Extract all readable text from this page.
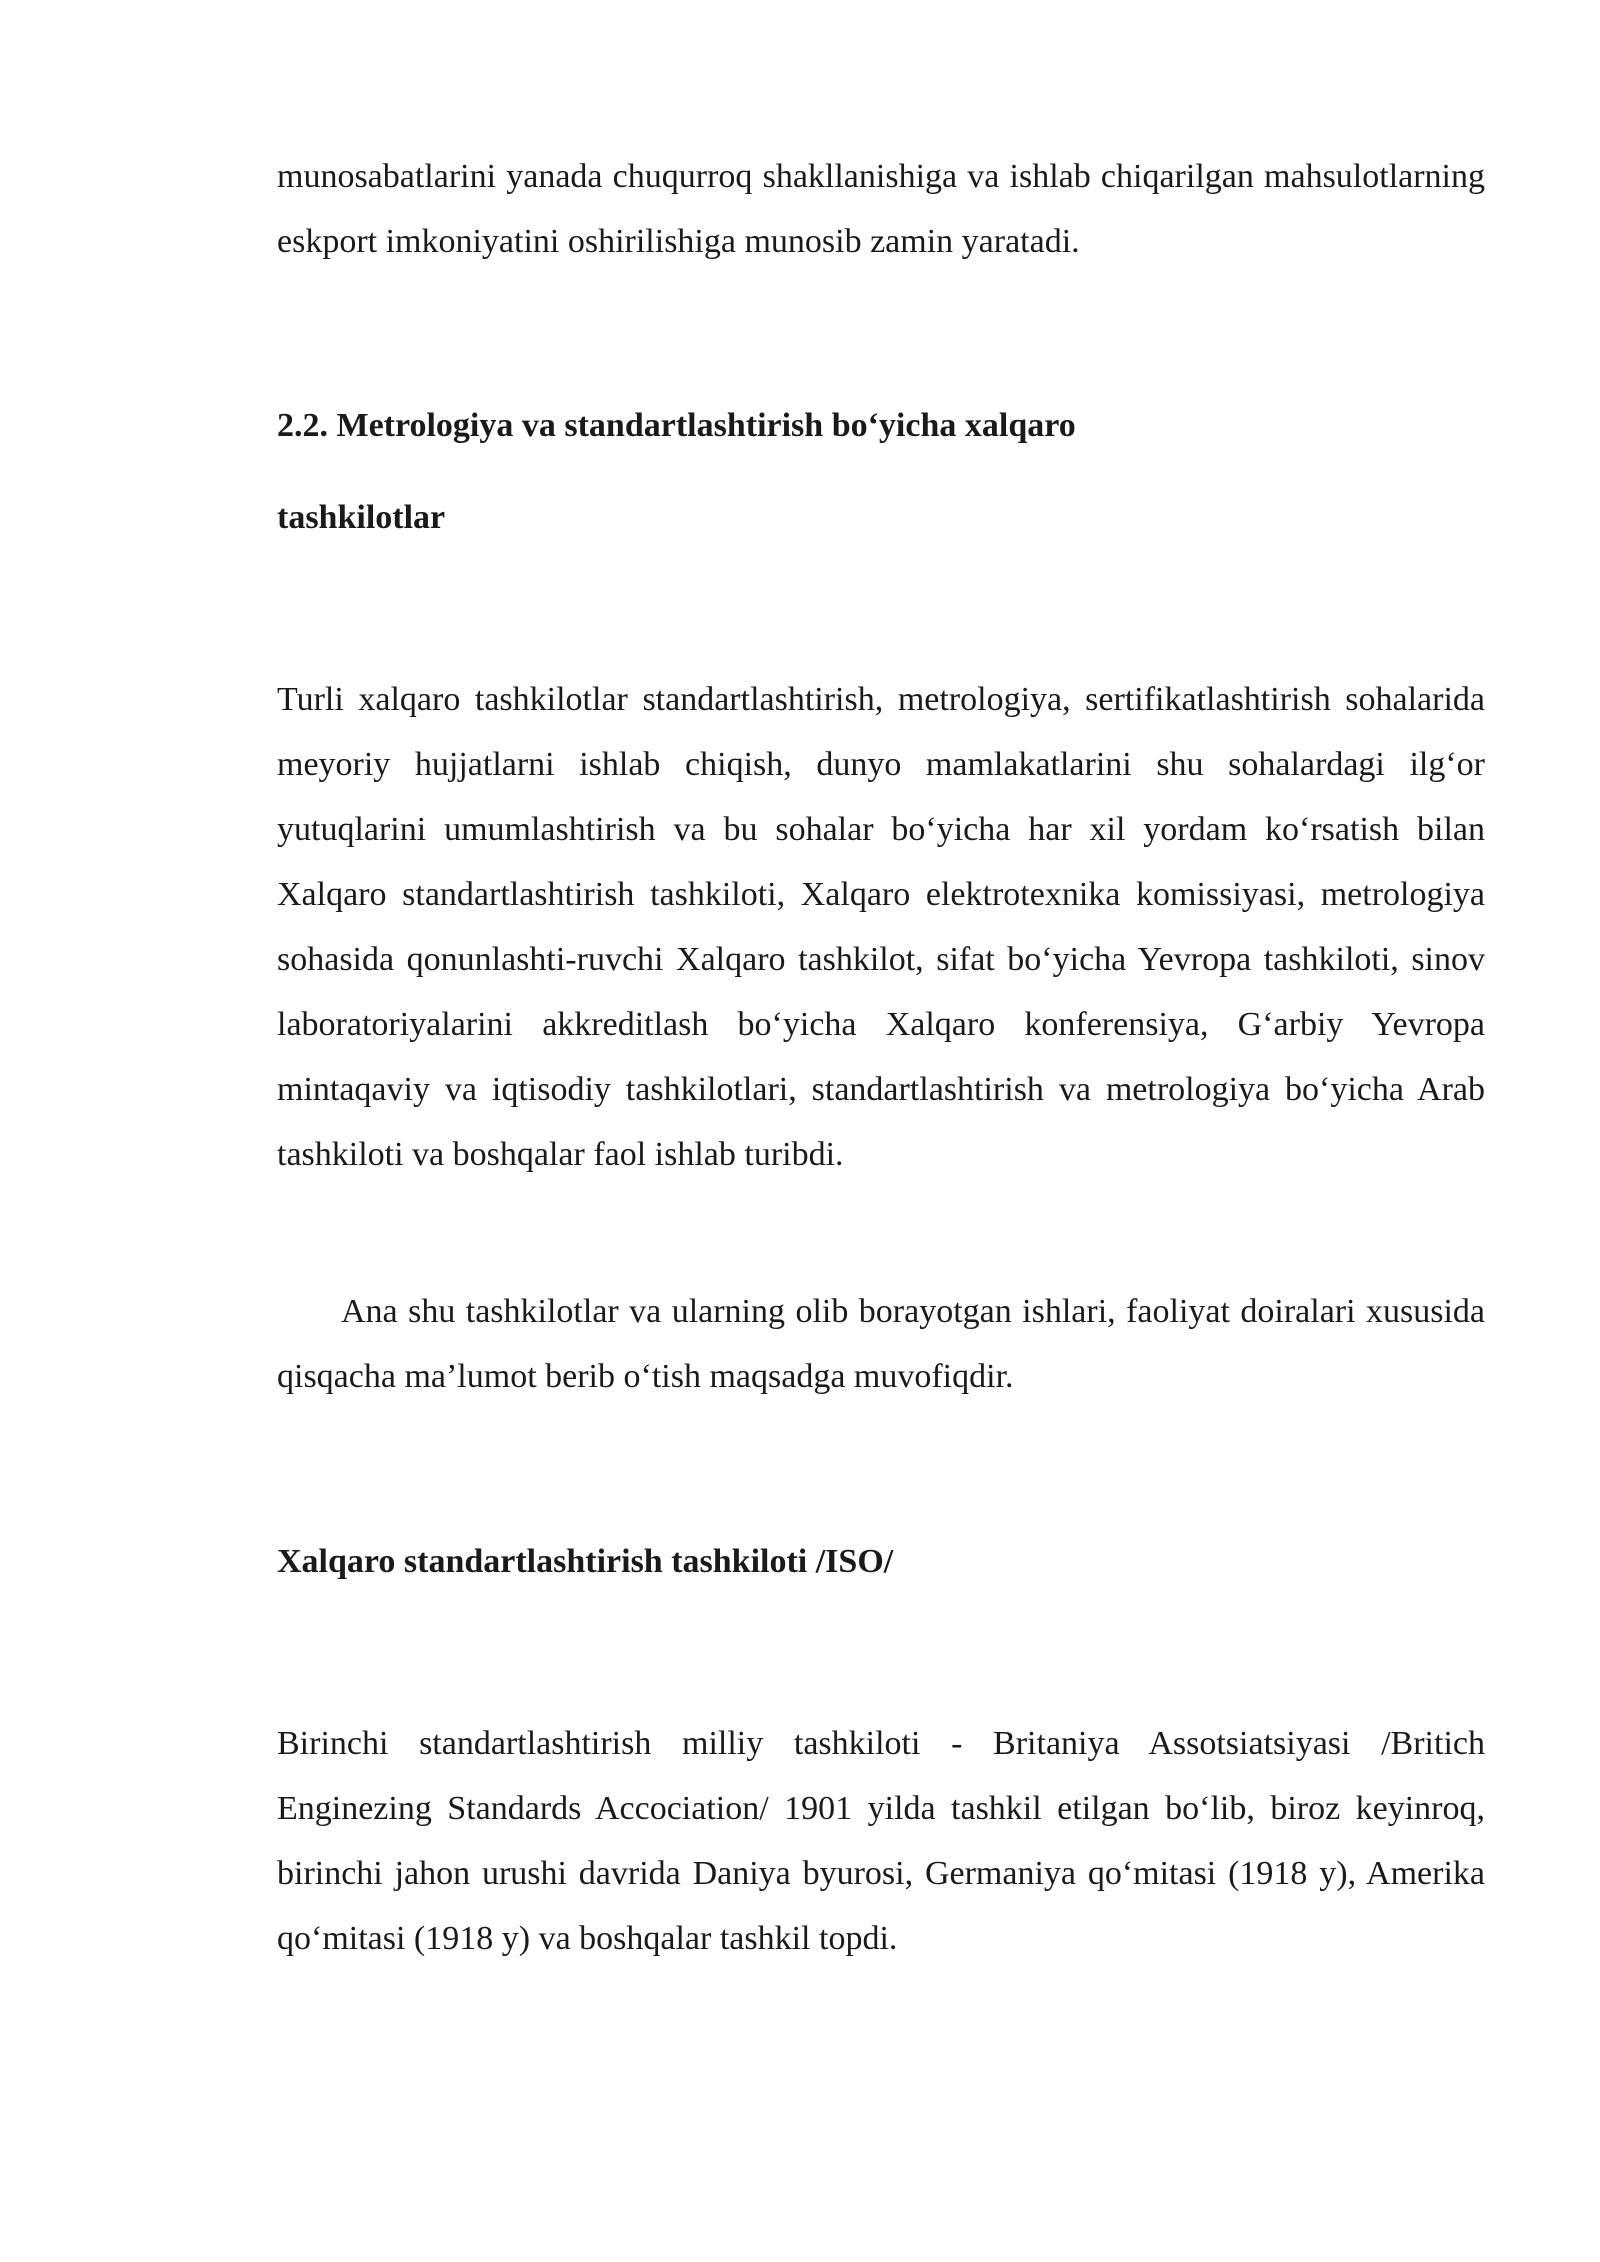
munosabatlarini yanada chuqurroq shakllanishiga va ishlab chiqarilgan mahsulotlarning eskport imkoniyatini oshirilishiga munosib zamin yaratadi.

2.2. Metrologiya va standartlashtirish bo‘yicha xalqaro
tashkilotlar

Turli xalqaro tashkilotlar standartlashtirish, metrologiya, sertifikatlashtirish sohalarida meyoriy hujjatlarni ishlab chiqish, dunyo mamlakatlarini shu sohalardagi ilg‘or yutuqlarini umumlashtirish va bu sohalar bo‘yicha har xil yordam ko‘rsatish bilan Xalqaro standartlashtirish tashkiloti, Xalqaro elektrotexnika komissiyasi, metrologiya sohasida qonunlashti-ruvchi Xalqaro tashkilot, sifat bo‘yicha Yevropa tashkiloti, sinov laboratoriyalarini akkreditlash bo‘yicha Xalqaro konferensiya, G‘arbiy Yevropa mintaqaviy va iqtisodiy tashkilotlari, standartlashtirish va metrologiya bo‘yicha Arab tashkiloti va boshqalar faol ishlab turibdi.

Ana shu tashkilotlar va ularning olib borayotgan ishlari, faoliyat doiralari xususida qisqacha ma’lumot berib o‘tish maqsadga muvofiqdir.

Xalqaro standartlashtirish tashkiloti /ISO/

Birinchi standartlashtirish milliy tashkiloti - Britaniya Assotsiatsiyasi /Britich Enginezing Standards Accociation/ 1901 yilda tashkil etilgan bo‘lib, biroz keyinroq, birinchi jahon urushi davrida Daniya byurosi, Germaniya qo‘mitasi (1918 y), Amerika qo‘mitasi (1918 y) va boshqalar tashkil topdi.
